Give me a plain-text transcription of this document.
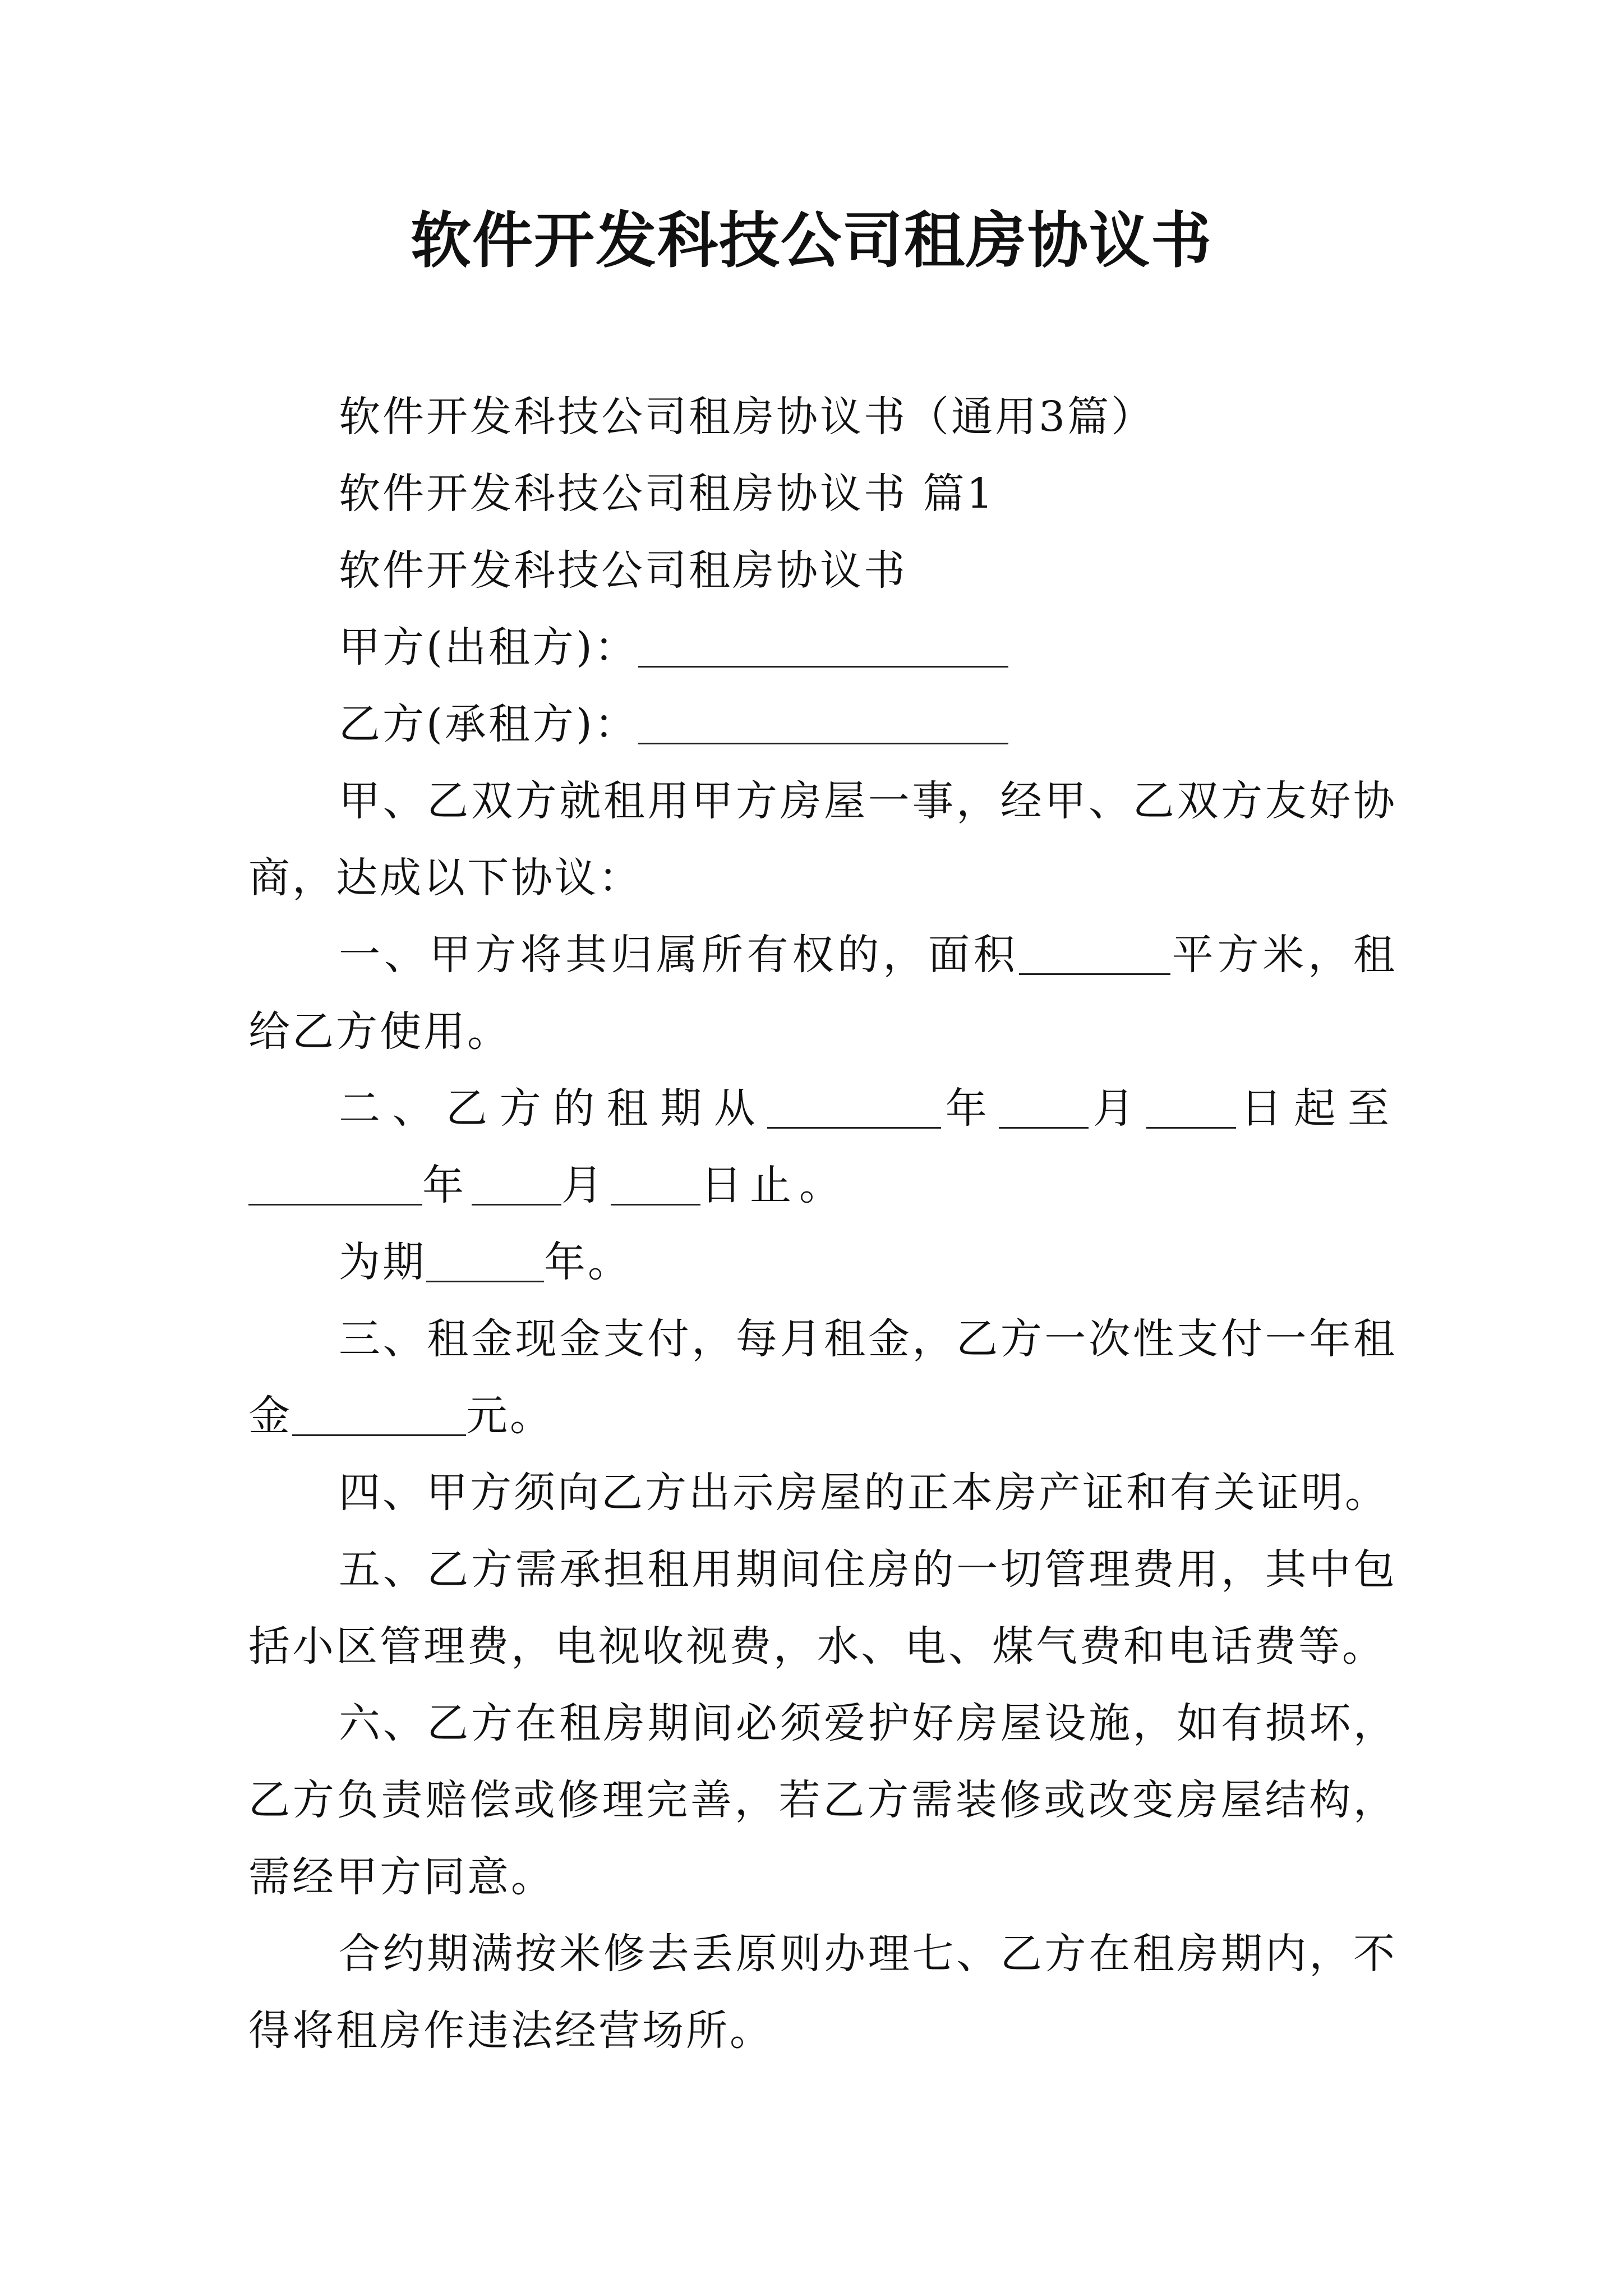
软件开发科技公司租房协议书

软件开发科技公司租房协议书（通用3篇）

软件开发科技公司租房协议书 篇1

软件开发科技公司租房协议书

甲方(出租方)：

乙方(承租方)：

甲、乙双方就租用甲方房屋一事，经甲、乙双方友好协商，达成以下协议：

一、甲方将其归属所有权的，面积	平方米，租给乙方使用。

二、乙方的租期从	年 月 日起至年 月 日止。

为期	年。

三、租金现金支付，每月租金，乙方一次性支付一年租金	元。

四、甲方须向乙方出示房屋的正本房产证和有关证明。

五、乙方需承担租用期间住房的一切管理费用，其中包括小区管理费，电视收视费，水、电、煤气费和电话费等。

六、乙方在租房期间必须爱护好房屋设施，如有损坏，乙方负责赔偿或修理完善，若乙方需装修或改变房屋结构，需经甲方同意。

合约期满按米修去丢原则办理七、乙方在租房期内，不得将租房作违法经营场所。
